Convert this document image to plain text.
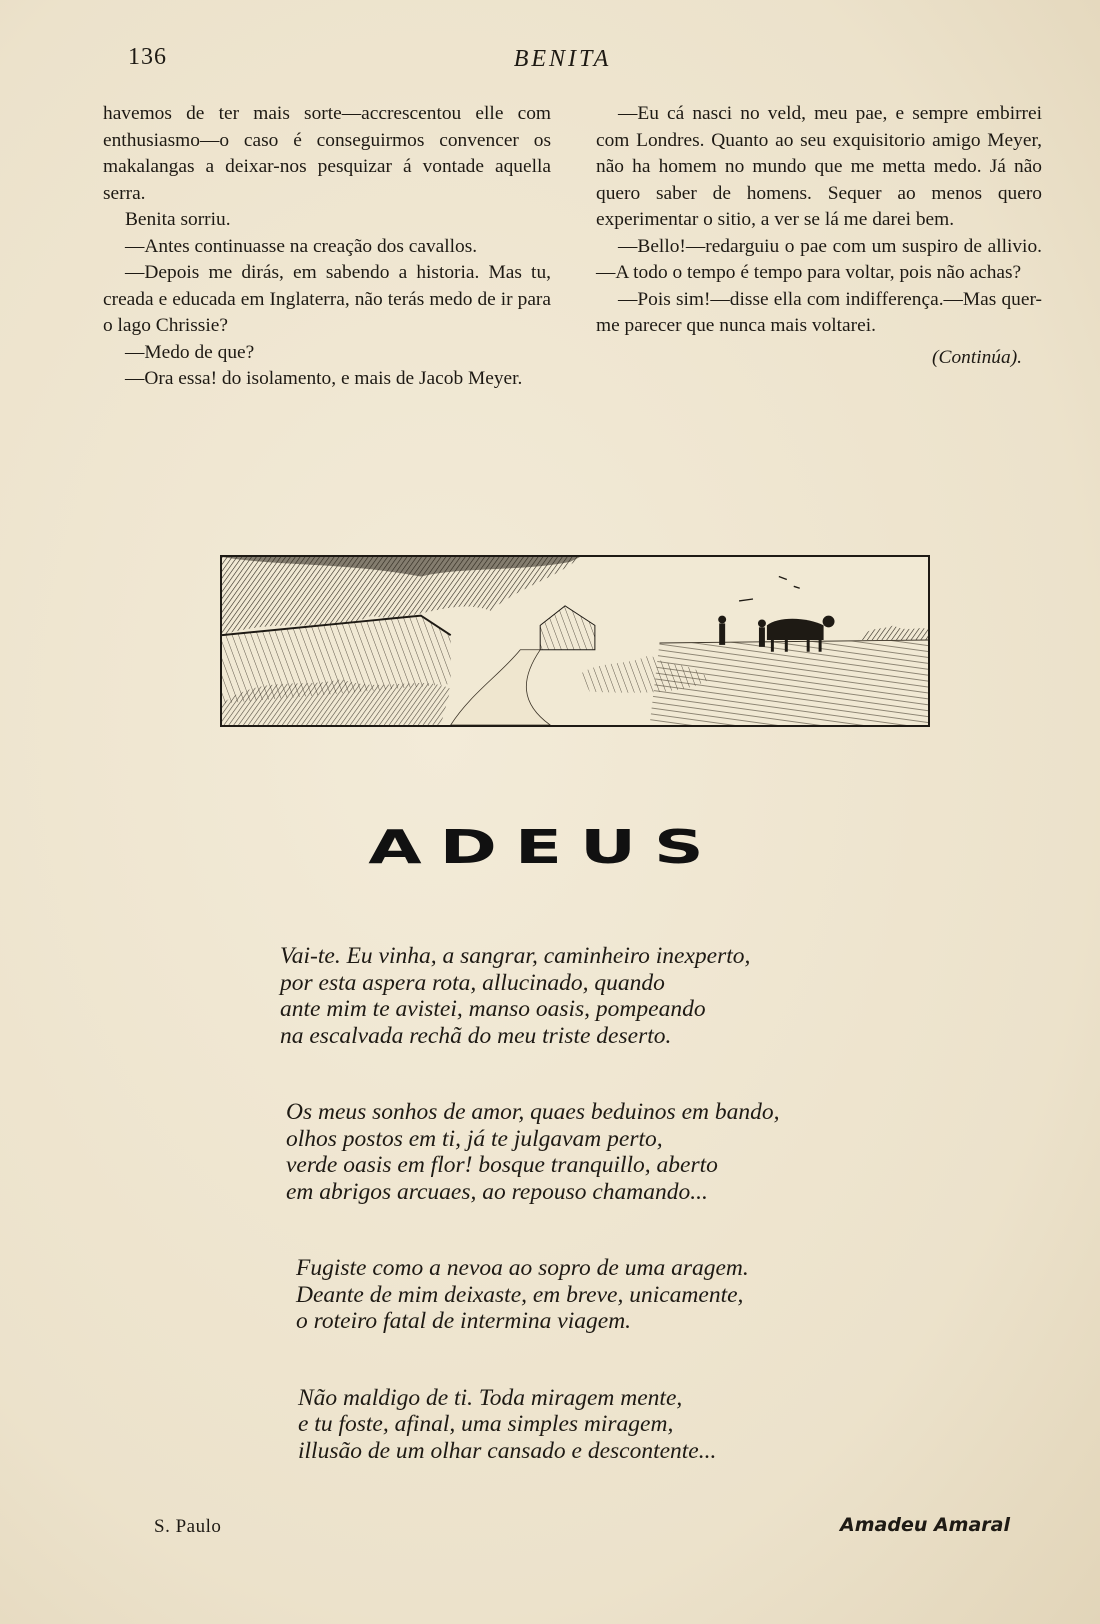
136	BENITA

havemos de ter mais sorte—accrescentou elle com enthusiasmo—o caso é conseguirmos convencer os makalangas a deixar-nos pesquizar á vontade aquella serra.

Benita sorriu.

—Antes continuasse na creação dos cavallos.

—Depois me dirás, em sabendo a historia. Mas tu, creada e educada em Inglaterra, não terás medo de ir para o lago Chrissie?

—Medo de que?

—Ora essa! do isolamento, e mais de Jacob Meyer.

—Eu cá nasci no veld, meu pae, e sempre embirrei com Londres. Quanto ao seu exquisitorio amigo Meyer, não ha homem no mundo que me metta medo. Já não quero saber de homens. Sequer ao menos quero experimentar o sitio, a ver se lá me darei bem.

—Bello!—redarguiu o pae com um suspiro de allivio.—A todo o tempo é tempo para voltar, pois não achas?

—Pois sim!—disse ella com indifferença.—Mas quer-me parecer que nunca mais voltarei.

(Continúa).
ADEUS
Vai-te. Eu vinha, a sangrar, caminheiro inexperto,
por esta aspera rota, allucinado, quando
ante mim te avistei, manso oasis, pompeando
na escalvada rechã do meu triste deserto.
Os meus sonhos de amor, quaes beduinos em bando,
olhos postos em ti, já te julgavam perto,
verde oasis em flor! bosque tranquillo, aberto
em abrigos arcuaes, ao repouso chamando...
Fugiste como a nevoa ao sopro de uma aragem.
Deante de mim deixaste, em breve, unicamente,
o roteiro fatal de intermina viagem.
Não maldigo de ti. Toda miragem mente,
e tu foste, afinal, uma simples miragem,
illusão de um olhar cansado e descontente...
S. Paulo	Amadeu Amaral
